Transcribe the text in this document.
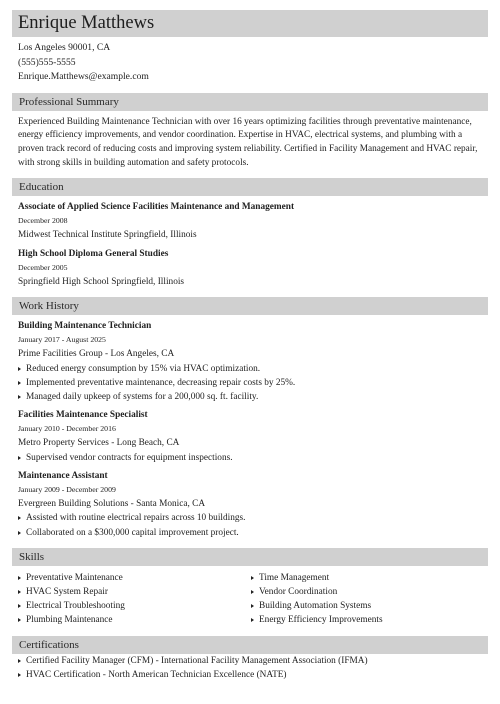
Enrique Matthews
Los Angeles 90001, CA
(555)555-5555
Enrique.Matthews@example.com
Professional Summary
Experienced Building Maintenance Technician with over 16 years optimizing facilities through preventative maintenance, energy efficiency improvements, and vendor coordination. Expertise in HVAC, electrical systems, and plumbing with a proven track record of reducing costs and improving system reliability. Certified in Facility Management and HVAC repair, with strong skills in building automation and safety protocols.
Education
Associate of Applied Science Facilities Maintenance and Management
December 2008
Midwest Technical Institute Springfield, Illinois
High School Diploma General Studies
December 2005
Springfield High School Springfield, Illinois
Work History
Building Maintenance Technician
January 2017 - August 2025
Prime Facilities Group - Los Angeles, CA
Reduced energy consumption by 15% via HVAC optimization.
Implemented preventative maintenance, decreasing repair costs by 25%.
Managed daily upkeep of systems for a 200,000 sq. ft. facility.
Facilities Maintenance Specialist
January 2010 - December 2016
Metro Property Services - Long Beach, CA
Supervised vendor contracts for equipment inspections.
Maintenance Assistant
January 2009 - December 2009
Evergreen Building Solutions - Santa Monica, CA
Assisted with routine electrical repairs across 10 buildings.
Collaborated on a $300,000 capital improvement project.
Skills
Preventative Maintenance
HVAC System Repair
Electrical Troubleshooting
Plumbing Maintenance
Time Management
Vendor Coordination
Building Automation Systems
Energy Efficiency Improvements
Certifications
Certified Facility Manager (CFM) - International Facility Management Association (IFMA)
HVAC Certification - North American Technician Excellence (NATE)
